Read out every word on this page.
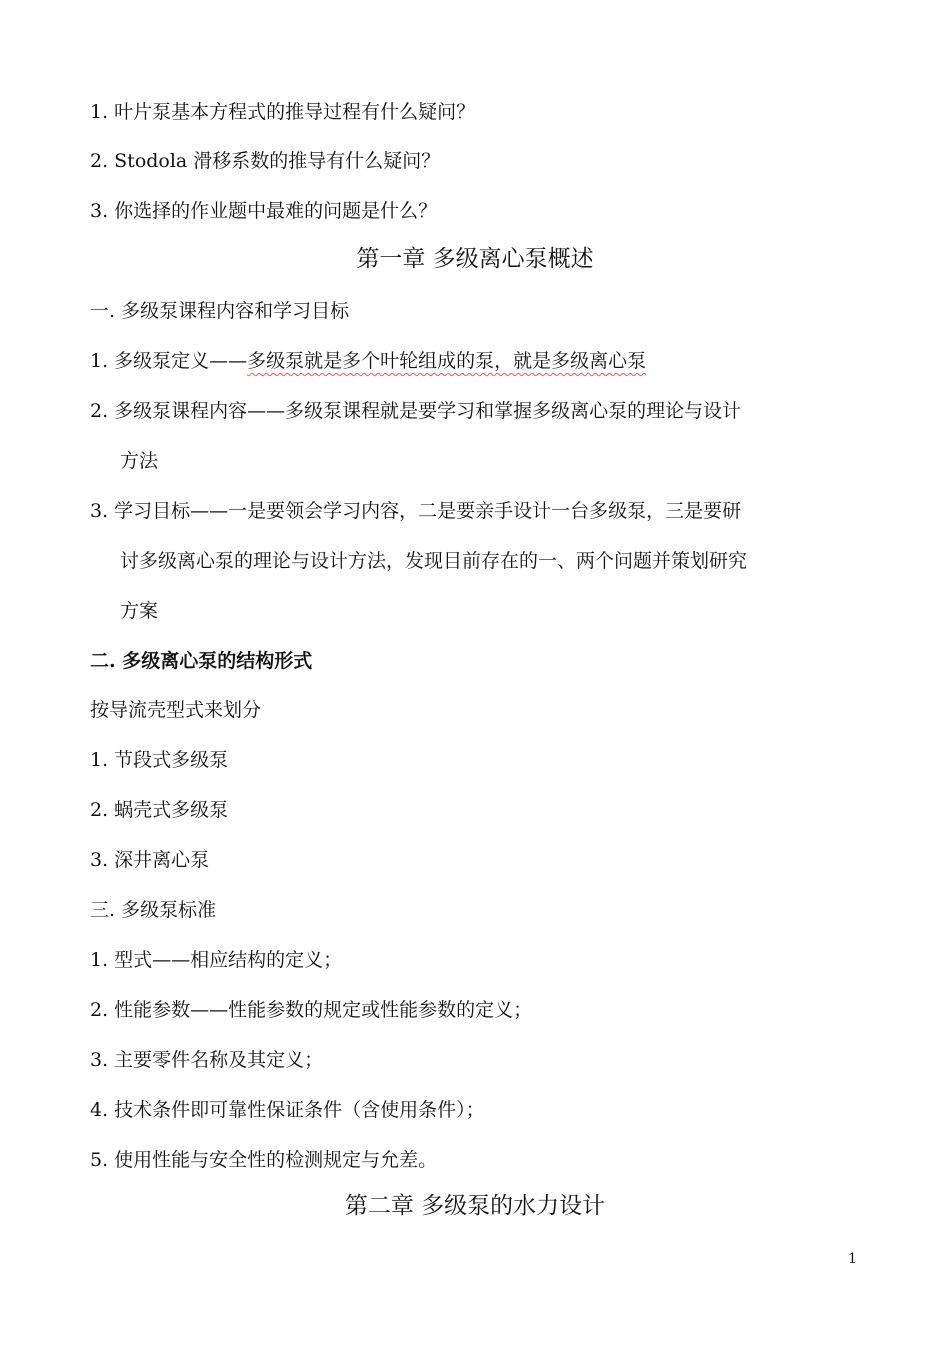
1. 叶片泵基本方程式的推导过程有什么疑问？
2. Stodola 滑移系数的推导有什么疑问？
3. 你选择的作业题中最难的问题是什么？
第一章 多级离心泵概述
一. 多级泵课程内容和学习目标
1. 多级泵定义——多级泵就是多个叶轮组成的泵，就是多级离心泵
2. 多级泵课程内容——多级泵课程就是要学习和掌握多级离心泵的理论与设计
方法
3. 学习目标——一是要领会学习内容，二是要亲手设计一台多级泵，三是要研
讨多级离心泵的理论与设计方法，发现目前存在的一、两个问题并策划研究
方案
二. 多级离心泵的结构形式
按导流壳型式来划分
1. 节段式多级泵
2. 蜗壳式多级泵
3. 深井离心泵
三. 多级泵标准
1. 型式——相应结构的定义；
2. 性能参数——性能参数的规定或性能参数的定义；
3. 主要零件名称及其定义；
4. 技术条件即可靠性保证条件（含使用条件）；
5. 使用性能与安全性的检测规定与允差。
第二章 多级泵的水力设计
1
